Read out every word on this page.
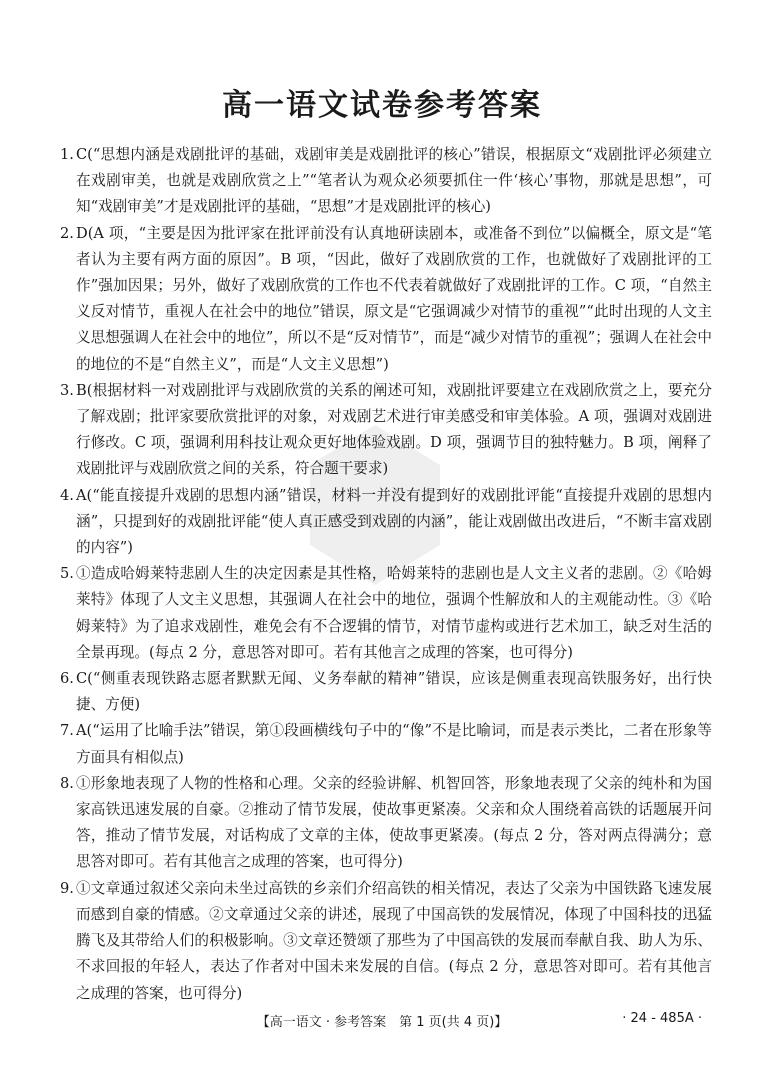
高一语文试卷参考答案
1. C(“思想内涵是戏剧批评的基础，戏剧审美是戏剧批评的核心”错误，根据原文“戏剧批评必须建立在戏剧审美，也就是戏剧欣赏之上”“笔者认为观众必须要抓住一件‘核心’事物，那就是思想”，可知“戏剧审美”才是戏剧批评的基础，“思想”才是戏剧批评的核心)
2. D(A 项，“主要是因为批评家在批评前没有认真地研读剧本，或准备不到位”以偏概全，原文是“笔者认为主要有两方面的原因”。B 项，“因此，做好了戏剧欣赏的工作，也就做好了戏剧批评的工作”强加因果；另外，做好了戏剧欣赏的工作也不代表着就做好了戏剧批评的工作。C 项，“自然主义反对情节，重视人在社会中的地位”错误，原文是“它强调减少对情节的重视”“此时出现的人文主义思想强调人在社会中的地位”，所以不是“反对情节”，而是“减少对情节的重视”；强调人在社会中的地位的不是“自然主义”，而是“人文主义思想”)
3. B(根据材料一对戏剧批评与戏剧欣赏的关系的阐述可知，戏剧批评要建立在戏剧欣赏之上，要充分了解戏剧；批评家要欣赏批评的对象，对戏剧艺术进行审美感受和审美体验。A 项，强调对戏剧进行修改。C 项，强调利用科技让观众更好地体验戏剧。D 项，强调节目的独特魅力。B 项，阐释了戏剧批评与戏剧欣赏之间的关系，符合题干要求)
4. A(“能直接提升戏剧的思想内涵”错误，材料一并没有提到好的戏剧批评能“直接提升戏剧的思想内涵”，只提到好的戏剧批评能“使人真正感受到戏剧的内涵”，能让戏剧做出改进后，“不断丰富戏剧的内容”)
5. ①造成哈姆莱特悲剧人生的决定因素是其性格，哈姆莱特的悲剧也是人文主义者的悲剧。②《哈姆莱特》体现了人文主义思想，其强调人在社会中的地位，强调个性解放和人的主观能动性。③《哈姆莱特》为了追求戏剧性，难免会有不合逻辑的情节，对情节虚构或进行艺术加工，缺乏对生活的全景再现。(每点 2 分，意思答对即可。若有其他言之成理的答案，也可得分)
6. C(“侧重表现铁路志愿者默默无闻、义务奉献的精神”错误，应该是侧重表现高铁服务好，出行快捷、方便)
7. A(“运用了比喻手法”错误，第①段画横线句子中的“像”不是比喻词，而是表示类比，二者在形象等方面具有相似点)
8. ①形象地表现了人物的性格和心理。父亲的经验讲解、机智回答，形象地表现了父亲的纯朴和为国家高铁迅速发展的自豪。②推动了情节发展，使故事更紧凑。父亲和众人围绕着高铁的话题展开问答，推动了情节发展，对话构成了文章的主体，使故事更紧凑。(每点 2 分，答对两点得满分；意思答对即可。若有其他言之成理的答案，也可得分)
9. ①文章通过叙述父亲向未坐过高铁的乡亲们介绍高铁的相关情况，表达了父亲为中国铁路飞速发展而感到自豪的情感。②文章通过父亲的讲述，展现了中国高铁的发展情况，体现了中国科技的迅猛腾飞及其带给人们的积极影响。③文章还赞颂了那些为了中国高铁的发展而奉献自我、助人为乐、不求回报的年轻人，表达了作者对中国未来发展的自信。(每点 2 分，意思答对即可。若有其他言之成理的答案，也可得分)
【高一语文 · 参考答案　第 1 页(共 4 页)】	· 24 - 485A ·
